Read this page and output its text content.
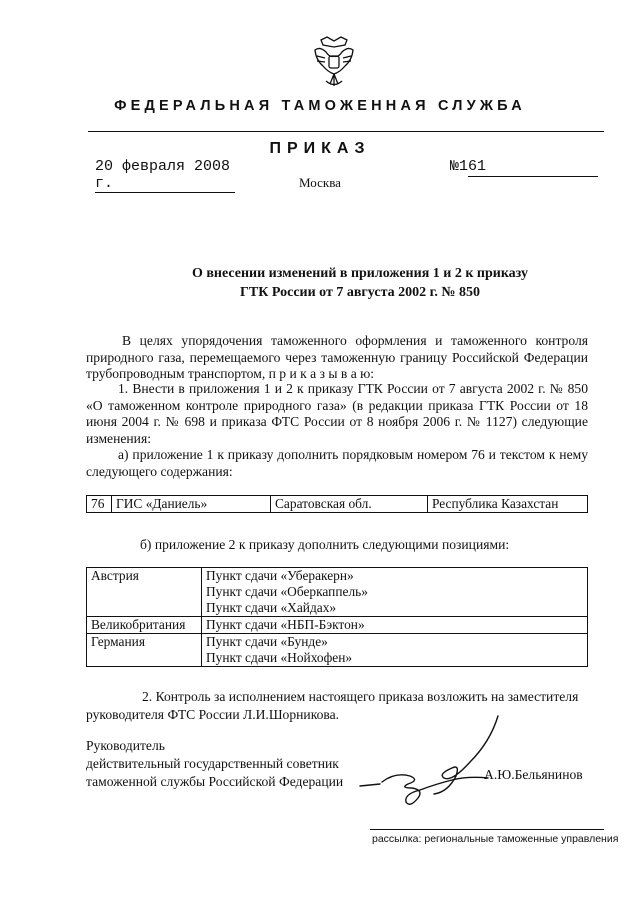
ФЕДЕРАЛЬНАЯ ТАМОЖЕННАЯ СЛУЖБА
ПРИКАЗ
20 февраля 2008 г.
№161
Москва
О внесении изменений в приложения 1 и 2 к приказу
ГТК России от 7 августа 2002 г. № 850
В целях упорядочения таможенного оформления и таможенного контроля природного газа, перемещаемого через таможенную границу Российской Федерации трубопроводным транспортом, п р и к а з ы в а ю:
1. Внести в приложения 1 и 2 к приказу ГТК России от 7 августа 2002 г. № 850 «О таможенном контроле природного газа» (в редакции приказа ГТК России от 18 июня 2004 г. № 698 и приказа ФТС России от 8 ноября 2006 г. № 1127) следующие изменения:
а) приложение 1 к приказу дополнить порядковым номером 76 и текстом к нему следующего содержания:
76	ГИС «Даниель»	Саратовская обл.	Республика Казахстан
б) приложение 2 к приказу дополнить следующими позициями:
Австрия	Пункт сдачи «Уберакерн»
Пункт сдачи «Оберкаппель»
Пункт сдачи «Хайдах»

Великобритания	Пункт сдачи «НБП-Бэктон»

Германия	Пункт сдачи «Бунде»
Пункт сдачи «Нойхофен»
2. Контроль за исполнением настоящего приказа возложить на заместителя руководителя ФТС России Л.И.Шорникова.
Руководитель
действительный государственный советник
таможенной службы Российской Федерации	А.Ю.Бельянинов
рассылка: региональные таможенные управления
